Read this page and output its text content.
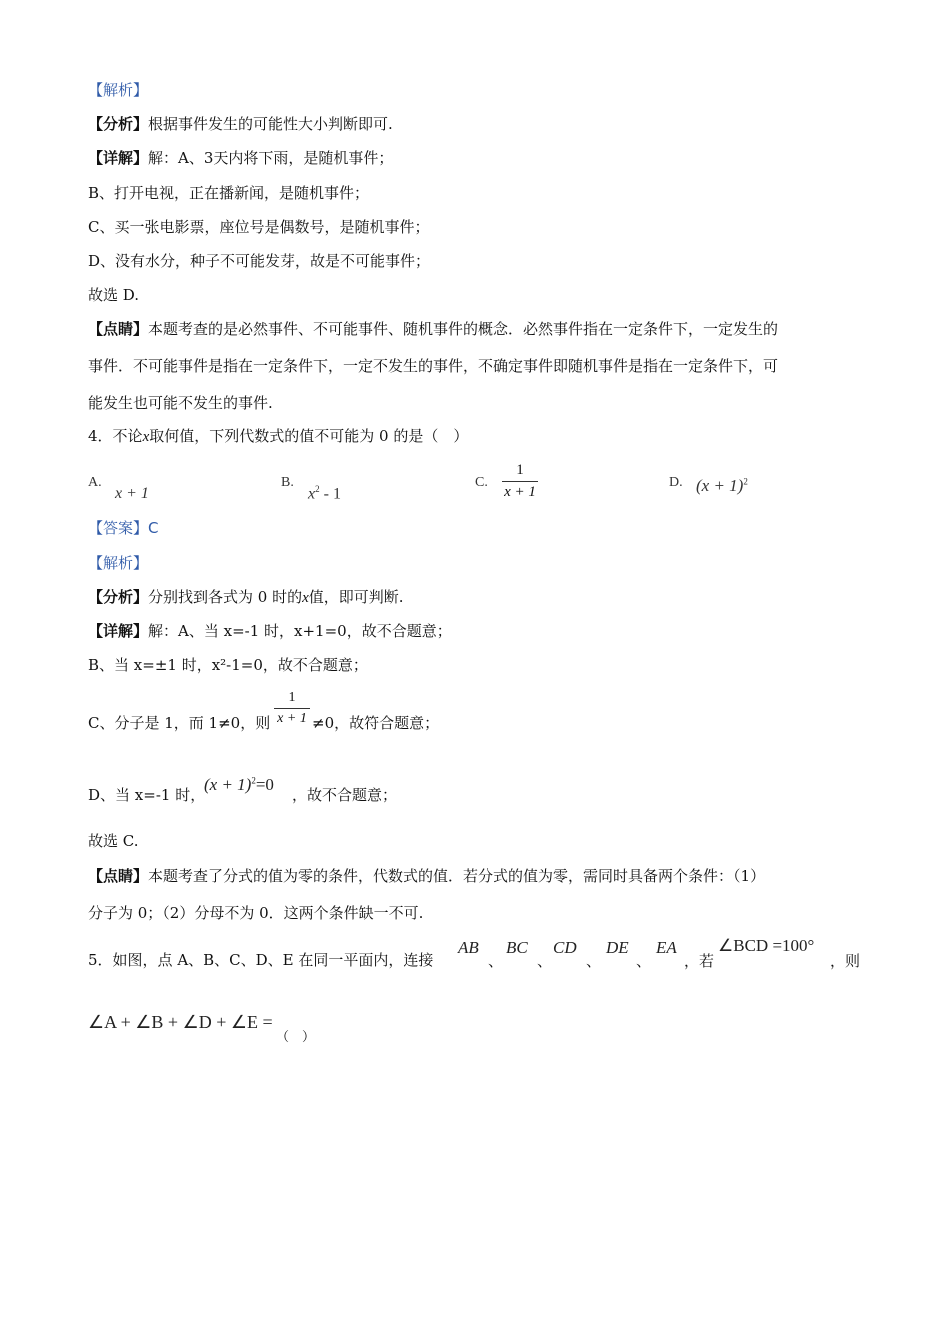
【解析】
【分析】根据事件发生的可能性大小判断即可.
【详解】解：A、3天内将下雨，是随机事件；
B、打开电视，正在播新闻，是随机事件；
C、买一张电影票，座位号是偶数号，是随机事件；
D、没有水分，种子不可能发芽，故是不可能事件；
故选 D.
【点睛】本题考查的是必然事件、不可能事件、随机事件的概念．必然事件指在一定条件下，一定发生的
事件．不可能事件是指在一定条件下，一定不发生的事件，不确定事件即随机事件是指在一定条件下，可
能发生也可能不发生的事件.
4．不论x取何值，下列代数式的值不可能为 0 的是（　）
A.
x + 1
B.
$x^2 - 1$
C.
1
x + 1
D. $(x + 1)^2$
【答案】C
【解析】
【分析】分别找到各式为 0 时的x值，即可判断.
【详解】解：A、当 x=-1 时，x+1=0，故不合题意；
B、当 x=±1 时，x²-1=0，故不合题意；
C、分子是 1，而 1≠0，则
1
x + 1 ≠0，故符合题意；
D、当 x=-1 时，
$(x + 1)^2=0$
，故不合题意；
故选 C.
【点睛】本题考查了分式的值为零的条件，代数式的值．若分式的值为零，需同时具备两个条件：（1）
分子为 0；（2）分母不为 0．这两个条件缺一不可.
5．如图，点 A、B、C、D、E 在同一平面内，连接
AB
、
BC
、
CD
、
DE
、
EA
，若
∠BCD =100°
，则
∠A + ∠B + ∠D + ∠E =
（　）
